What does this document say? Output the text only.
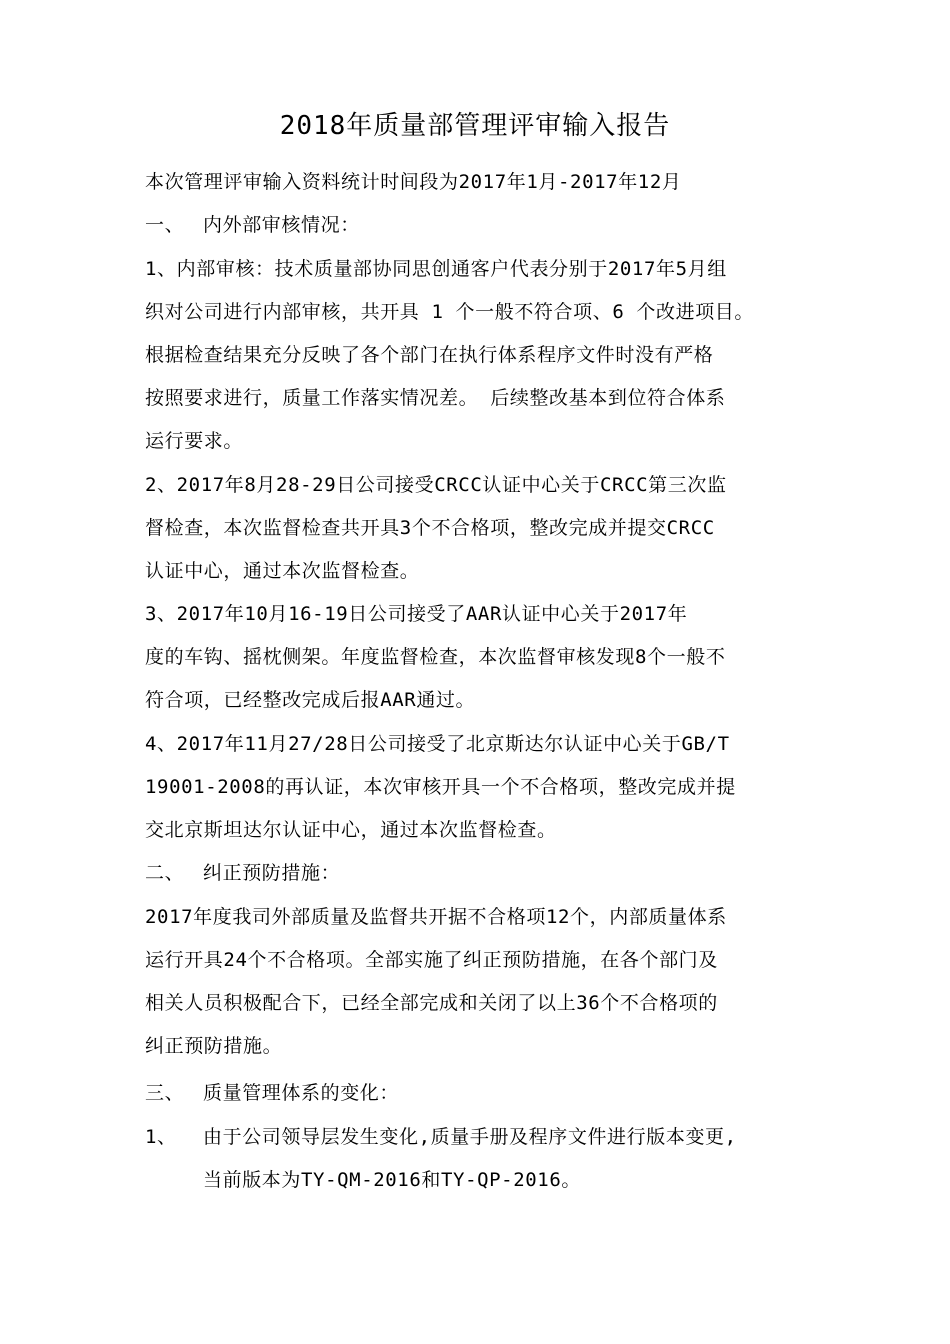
2018年质量部管理评审输入报告
本次管理评审输入资料统计时间段为2017年1月-2017年12月
一、 内外部审核情况：
1、内部审核：技术质量部协同思创通客户代表分别于2017年5月组
织对公司进行内部审核，共开具 1 个一般不符合项、6 个改进项目。
根据检查结果充分反映了各个部门在执行体系程序文件时没有严格
按照要求进行，质量工作落实情况差。 后续整改基本到位符合体系
运行要求。
2、2017年8月28-29日公司接受CRCC认证中心关于CRCC第三次监
督检查，本次监督检查共开具3个不合格项，整改完成并提交CRCC
认证中心，通过本次监督检查。
3、2017年10月16-19日公司接受了AAR认证中心关于2017年
度的车钩、摇枕侧架。年度监督检查，本次监督审核发现8个一般不
符合项，已经整改完成后报AAR通过。
4、2017年11月27/28日公司接受了北京斯达尔认证中心关于GB/T
19001-2008的再认证，本次审核开具一个不合格项，整改完成并提
交北京斯坦达尔认证中心，通过本次监督检查。
二、 纠正预防措施：
2017年度我司外部质量及监督共开据不合格项12个，内部质量体系
运行开具24个不合格项。全部实施了纠正预防措施，在各个部门及
相关人员积极配合下，已经全部完成和关闭了以上36个不合格项的
纠正预防措施。
三、 质量管理体系的变化：
1、 由于公司领导层发生变化,质量手册及程序文件进行版本变更,
当前版本为TY-QM-2016和TY-QP-2016。
